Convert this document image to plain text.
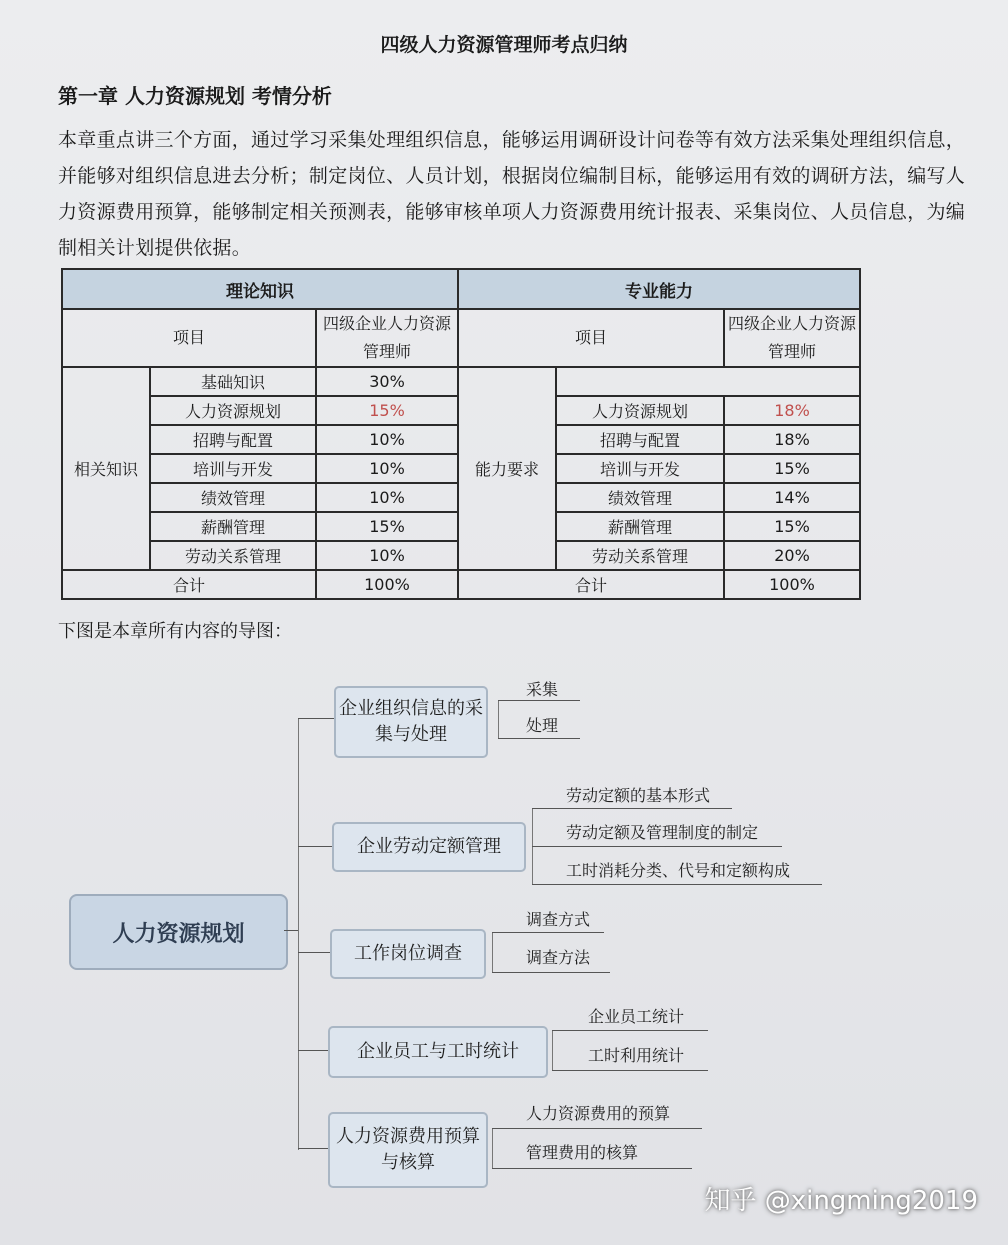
四级人力资源管理师考点归纳
第一章 人力资源规划 考情分析
本章重点讲三个方面，通过学习采集处理组织信息，能够运用调研设计问卷等有效方法采集处理组织信息，并能够对组织信息进去分析；制定岗位、人员计划，根据岗位编制目标，能够运用有效的调研方法，编写人力资源费用预算，能够制定相关预测表，能够审核单项人力资源费用统计报表、采集岗位、人员信息，为编制相关计划提供依据。
理论知识			专业能力		
项目		四级企业人力资源管理师	项目		四级企业人力资源管理师
相关知识	基础知识	30%	能力要求		
	人力资源规划	15%		人力资源规划	18%
	招聘与配置	10%		招聘与配置	18%
	培训与开发	10%		培训与开发	15%
	绩效管理	10%		绩效管理	14%
	薪酬管理	15%		薪酬管理	15%
	劳动关系管理	10%		劳动关系管理	20%
合计		100%	合计		100%
下图是本章所有内容的导图：
人力资源规划
企业组织信息的采集与处理
采集
处理
企业劳动定额管理
劳动定额的基本形式
劳动定额及管理制度的制定
工时消耗分类、代号和定额构成
工作岗位调查
调查方式
调查方法
企业员工与工时统计
企业员工统计
工时利用统计
人力资源费用预算与核算
人力资源费用的预算
管理费用的核算
知乎 @xingming2019
